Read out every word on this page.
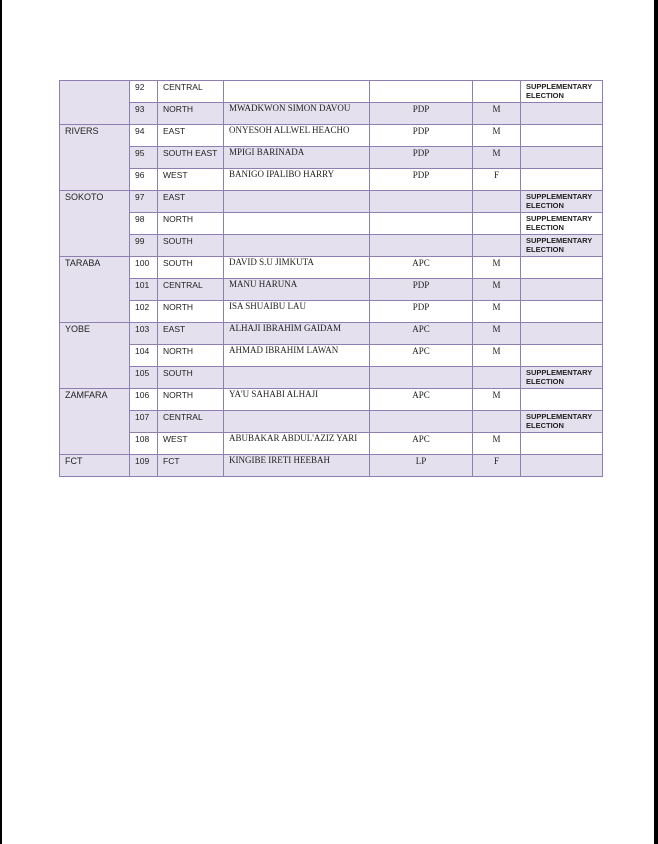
	92	CENTRAL				SUPPLEMENTARY ELECTION
	93	NORTH	MWADKWON SIMON DAVOU	PDP	M	
RIVERS	94	EAST	ONYESOH ALLWEL HEACHO	PDP	M	
	95	SOUTH EAST	MPIGI BARINADA	PDP	M	
	96	WEST	BANIGO IPALIBO HARRY	PDP	F	
SOKOTO	97	EAST				SUPPLEMENTARY ELECTION
	98	NORTH				SUPPLEMENTARY ELECTION
	99	SOUTH				SUPPLEMENTARY ELECTION
TARABA	100	SOUTH	DAVID S.U JIMKUTA	APC	M	
	101	CENTRAL	MANU HARUNA	PDP	M	
	102	NORTH	ISA SHUAIBU LAU	PDP	M	
YOBE	103	EAST	ALHAJI IBRAHIM GAIDAM	APC	M	
	104	NORTH	AHMAD IBRAHIM LAWAN	APC	M	
	105	SOUTH				SUPPLEMENTARY ELECTION
ZAMFARA	106	NORTH	YA'U SAHABI ALHAJI	APC	M	
	107	CENTRAL				SUPPLEMENTARY ELECTION
	108	WEST	ABUBAKAR ABDUL'AZIZ YARI	APC	M	
FCT	109	FCT	KINGIBE IRETI HEEBAH	LP	F	
